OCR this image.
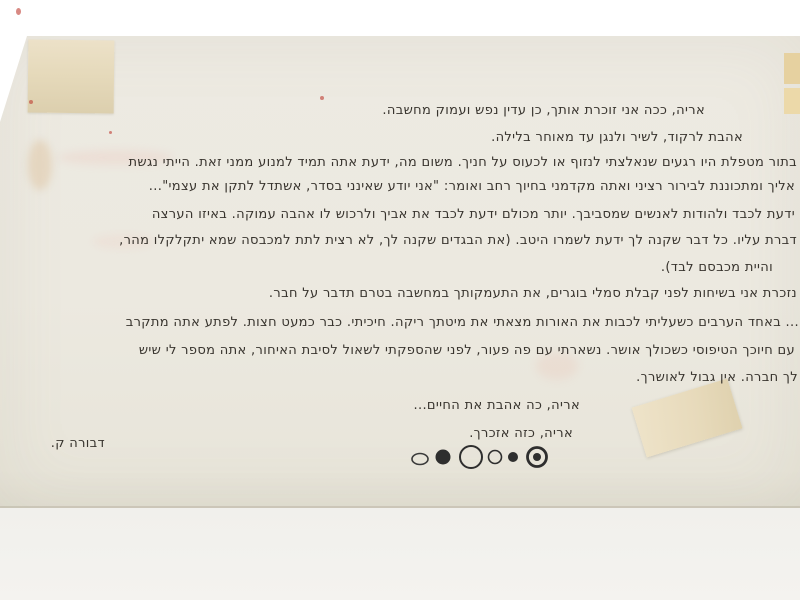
אריה, ככה אני זוכרת אותך, כן עדין נפש ועמוק מחשבה.
אהבת לרקוד, לשיר ולנגן עד מאוחר בלילה.
בתור מטפלת היו רגעים שנאלצתי לנזוף או לכעוס על חניך. משום מה, ידעת אתה תמיד למנוע ממני זאת. הייתי נגשת
אליך ומתכוננת לבירור רציני ואתה מקדמני בחיוך רחב ואומר: "אני יודע שאינני בסדר, אשתדל לתקן את עצמי"...
ידעת לכבד ולהודות לאנשים שמסביבך. יותר מכולם ידעת לכבד את אביך ולרכוש לו אהבה עמוקה. באיזו הערצה
דברת עליו. כל דבר שקנה לך ידעת לשמרו היטב. (את הבגדים שקנה לך, לא רצית לתת למכבסה שמא יתקלקלו מהר,
והיית מכבסם לבד).
נזכרת אני בשיחות לפני קבלת סמלי בוגרים, את התעמקותך במחשבה בטרם תדבר על חבר.
... באחד הערבים כשעליתי לכבות את האורות מצאתי את מיטתך ריקה. חיכיתי. כבר כמעט חצות. לפתע אתה מתקרב
עם חיוכך הטיפוסי כשכולך אושר. נשארתי עם פה פעור, לפני שהספקתי לשאול לסיבת האיחור, אתה מספר לי שיש
לך חברה. אין גבול לאושרך.
אריה, כה אהבת את החיים...
אריה, כזה אזכרך.
דבורה ק.
